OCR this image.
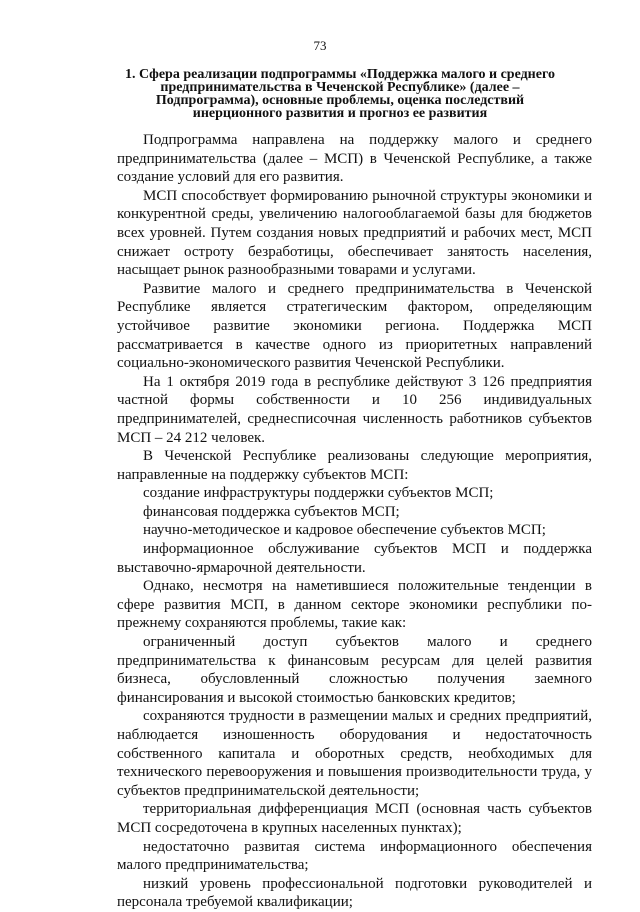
73
1. Сфера реализации подпрограммы «Поддержка малого и среднего предпринимательства в Чеченской Республике» (далее – Подпрограмма), основные проблемы, оценка последствий инерционного развития и прогноз ее развития

Подпрограмма направлена на поддержку малого и среднего предпринимательства (далее – МСП) в Чеченской Республике, а также создание условий для его развития.

МСП способствует формированию рыночной структуры экономики и конкурентной среды, увеличению налогооблагаемой базы для бюджетов всех уровней. Путем создания новых предприятий и рабочих мест, МСП снижает остроту безработицы, обеспечивает занятость населения, насыщает рынок разнообразными товарами и услугами.

Развитие малого и среднего предпринимательства в Чеченской Республике является стратегическим фактором, определяющим устойчивое развитие экономики региона. Поддержка МСП рассматривается в качестве одного из приоритетных направлений социально-экономического развития Чеченской Республики.

На 1 октября 2019 года в республике действуют 3 126 предприятия частной формы собственности и 10 256 индивидуальных предпринимателей, среднесписочная численность работников субъектов МСП – 24 212 человек.

В Чеченской Республике реализованы следующие мероприятия, направленные на поддержку субъектов МСП:

создание инфраструктуры поддержки субъектов МСП;

финансовая поддержка субъектов МСП;

научно-методическое и кадровое обеспечение субъектов МСП;

информационное обслуживание субъектов МСП и поддержка выставочно-ярмарочной деятельности.

Однако, несмотря на наметившиеся положительные тенденции в сфере развития МСП, в данном секторе экономики республики по-прежнему сохраняются проблемы, такие как:

ограниченный доступ субъектов малого и среднего предпринимательства к финансовым ресурсам для целей развития бизнеса, обусловленный сложностью получения заемного финансирования и высокой стоимостью банковских кредитов;

сохраняются трудности в размещении малых и средних предприятий, наблюдается изношенность оборудования и недостаточность собственного капитала и оборотных средств, необходимых для технического перевооружения и повышения производительности труда, у субъектов предпринимательской деятельности;

территориальная дифференциация МСП (основная часть субъектов МСП сосредоточена в крупных населенных пунктах);

недостаточно развитая система информационного обеспечения малого предпринимательства;

низкий уровень профессиональной подготовки руководителей и персонала требуемой квалификации;
